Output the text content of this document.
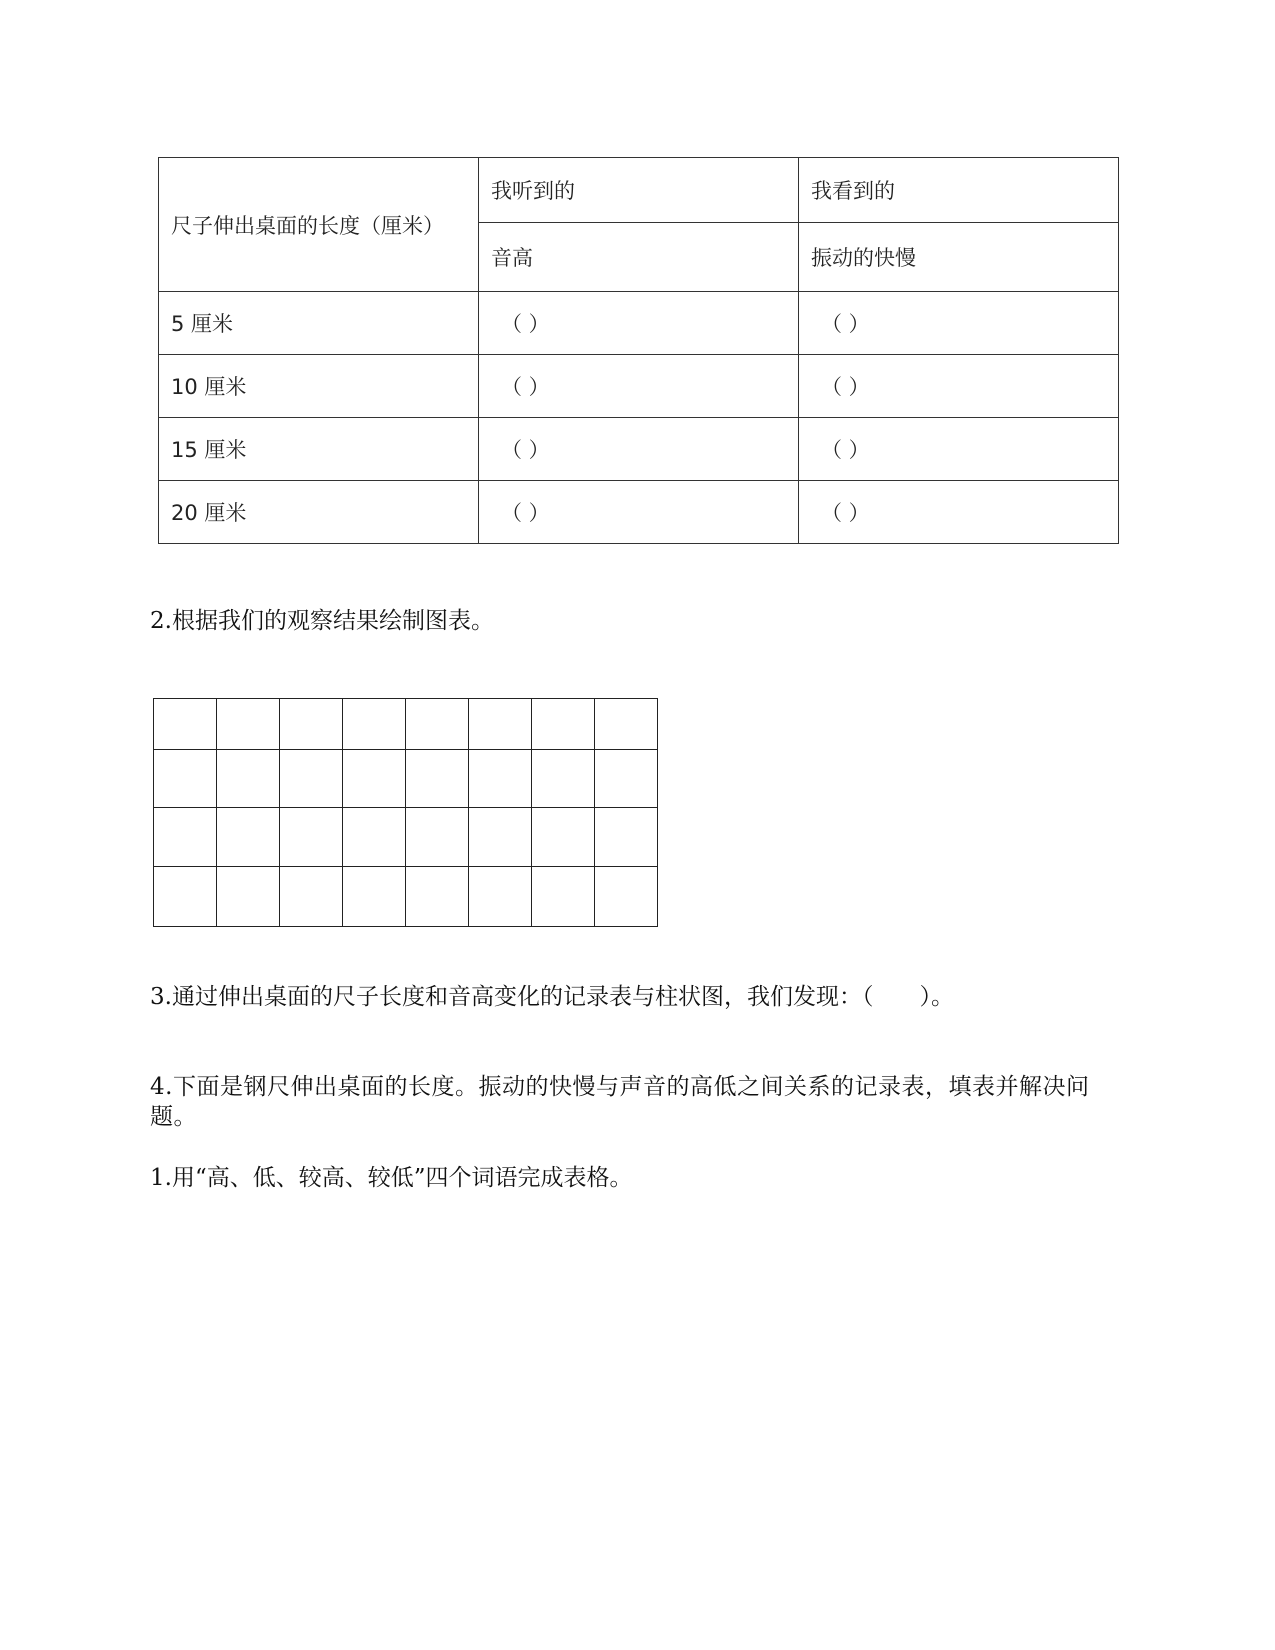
尺子伸出桌面的长度（厘米）	我听到的	我看到的
	音高	振动的快慢
5 厘米	（ ）	（ ）
10 厘米	（ ）	（ ）
15 厘米	（ ）	（ ）
20 厘米	（ ）	（ ）
2.根据我们的观察结果绘制图表。

3.通过伸出桌面的尺子长度和音高变化的记录表与柱状图，我们发现：（　　）。
4.下面是钢尺伸出桌面的长度。振动的快慢与声音的高低之间关系的记录表，填表并解决问题。
1.用“高、低、较高、较低”四个词语完成表格。
